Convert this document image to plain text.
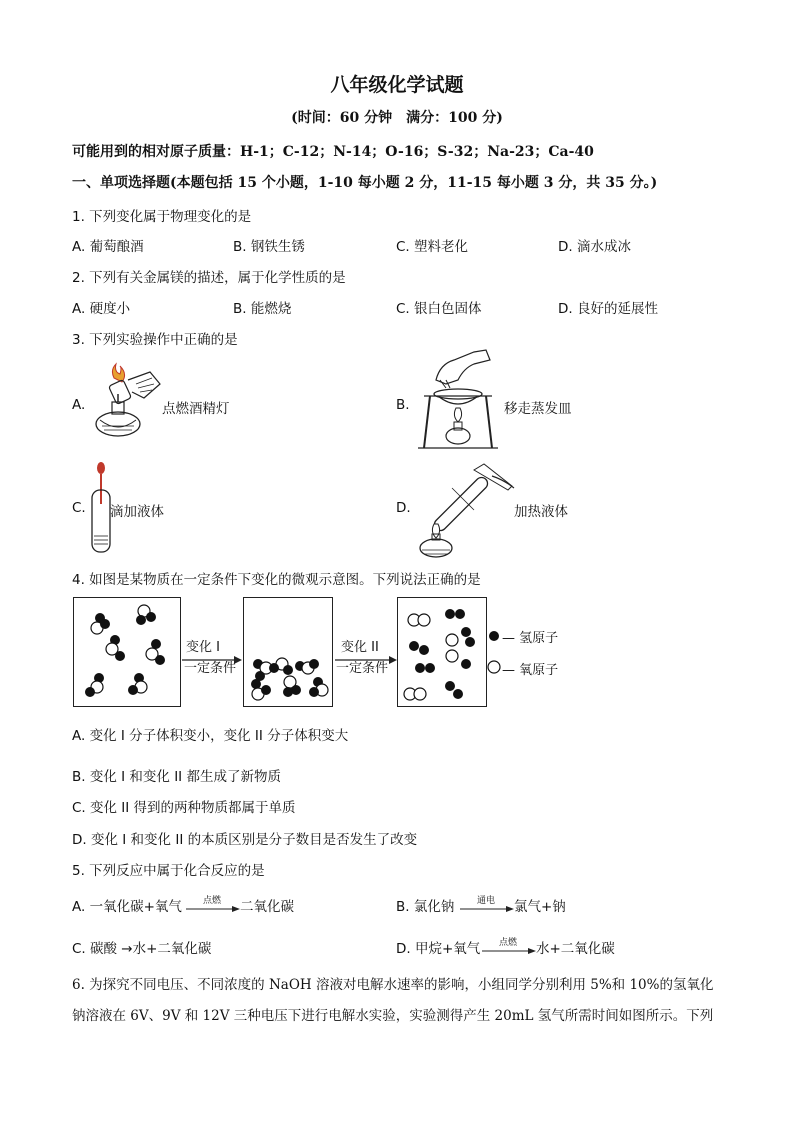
八年级化学试题
(时间：60 分钟　满分：100 分)
可能用到的相对原子质量：H-1；C-12；N-14；O-16；S-32；Na-23；Ca-40
一、单项选择题(本题包括 15 个小题，1-10 每小题 2 分，11-15 每小题 3 分，共 35 分。)
1. 下列变化属于物理变化的是
A. 葡萄酿酒	B. 钢铁生锈	C. 塑料老化	D. 滴水成冰
2. 下列有关金属镁的描述，属于化学性质的是
A. 硬度小	B. 能燃烧	C. 银白色固体	D. 良好的延展性
3. 下列实验操作中正确的是
A.	点燃酒精灯	B.	移走蒸发皿
C. 滴加液体	D.	加热液体
4. 如图是某物质在一定条件下变化的微观示意图。下列说法正确的是
变化 I
一定条件
变化 II
一定条件
— 氢原子
— 氧原子
A. 变化 I 分子体积变小，变化 II 分子体积变大
B. 变化 I 和变化 II 都生成了新物质
C. 变化 II 得到的两种物质都属于单质
D. 变化 I 和变化 II 的本质区别是分子数目是否发生了改变
5. 下列反应中属于化合反应的是
A. 一氧化碳+氧气	点燃	二氧化碳	B. 氯化钠	通电	氯气+钠
C. 碳酸 →水+二氧化碳	D. 甲烷+氧气	点燃	水+二氧化碳
6. 为探究不同电压、不同浓度的 NaOH 溶液对电解水速率的影响，小组同学分别利用 5%和 10%的氢氧化
钠溶液在 6V、9V 和 12V 三种电压下进行电解水实验，实验测得产生 20mL 氢气所需时间如图所示。下列
